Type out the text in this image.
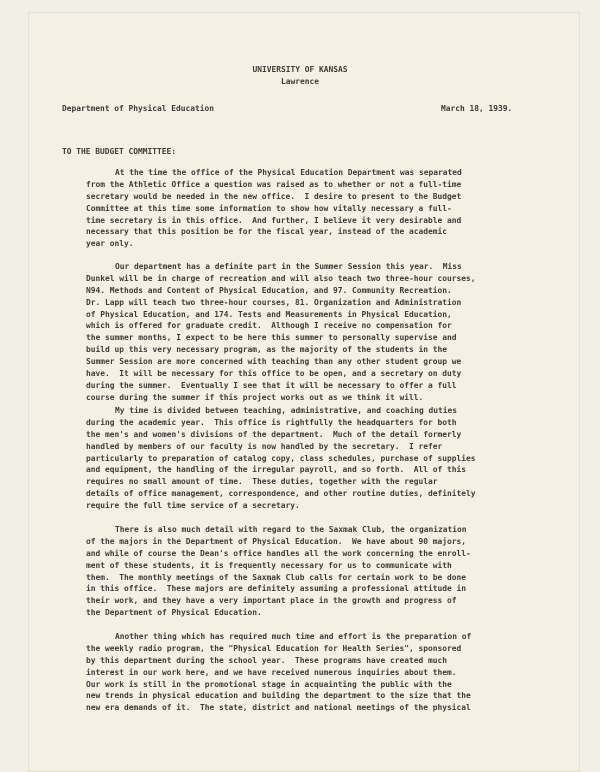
UNIVERSITY OF KANSAS
Lawrence
Department of Physical Education	March 18, 1939.
TO THE BUDGET COMMITTEE:
At the time the office of the Physical Education Department was separated
from the Athletic Office a question was raised as to whether or not a full-time
secretary would be needed in the new office.  I desire to present to the Budget
Committee at this time some information to show how vitally necessary a full-
time secretary is in this office.  And further, I believe it very desirable and
necessary that this position be for the fiscal year, instead of the academic
year only.
Our department has a definite part in the Summer Session this year.  Miss
Dunkel will be in charge of recreation and will also teach two three-hour courses,
N94. Methods and Content of Physical Education, and 97. Community Recreation.
Dr. Lapp will teach two three-hour courses, 81. Organization and Administration
of Physical Education, and 174. Tests and Measurements in Physical Education,
which is offered for graduate credit.  Although I receive no compensation for
the summer months, I expect to be here this summer to personally supervise and
build up this very necessary program, as the majority of the students in the
Summer Session are more concerned with teaching than any other student group we
have.  It will be necessary for this office to be open, and a secretary on duty
during the summer.  Eventually I see that it will be necessary to offer a full
course during the summer if this project works out as we think it will.
My time is divided between teaching, administrative, and coaching duties
during the academic year.  This office is rightfully the headquarters for both
the men's and women's divisions of the department.  Much of the detail formerly
handled by members of our faculty is now handled by the secretary.  I refer
particularly to preparation of catalog copy, class schedules, purchase of supplies
and equipment, the handling of the irregular payroll, and so forth.  All of this
requires no small amount of time.  These duties, together with the regular
details of office management, correspondence, and other routine duties, definitely
require the full time service of a secretary.
There is also much detail with regard to the Saxmak Club, the organization
of the majors in the Department of Physical Education.  We have about 90 majors,
and while of course the Dean's office handles all the work concerning the enroll-
ment of these students, it is frequently necessary for us to communicate with
them.  The monthly meetings of the Saxmak Club calls for certain work to be done
in this office.  These majors are definitely assuming a professional attitude in
their work, and they have a very important place in the growth and progress of
the Department of Physical Education.
Another thing which has required much time and effort is the preparation of
the weekly radio program, the "Physical Education for Health Series", sponsored
by this department during the school year.  These programs have created much
interest in our work here, and we have received numerous inquiries about them.
Our work is still in the promotional stage in acquainting the public with the
new trends in physical education and building the department to the size that the
new era demands of it.  The state, district and national meetings of the physical
